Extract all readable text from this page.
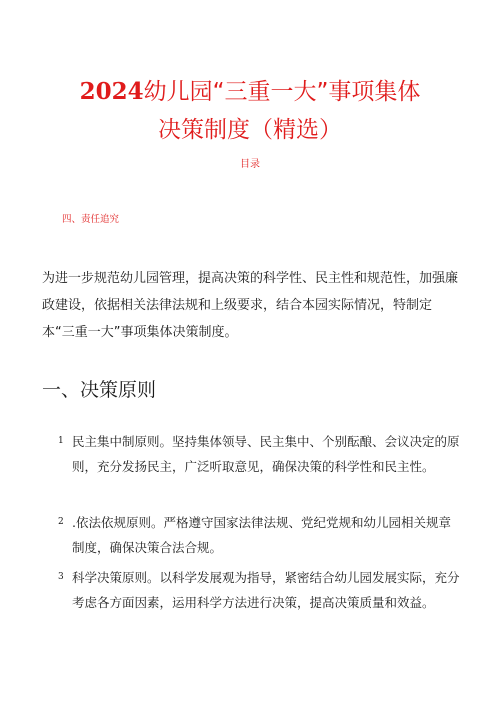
2024幼儿园“三重一大”事项集体
决策制度（精选）
目录
四、责任追究

为进一步规范幼儿园管理，提高决策的科学性、民主性和规范性，加强廉政建设，依据相关法律法规和上级要求，结合本园实际情况，特制定本“三重一大”事项集体决策制度。

一、决策原则
1 民主集中制原则。坚持集体领导、民主集中、个别酝酿、会议决定的原则，充分发扬民主，广泛听取意见，确保决策的科学性和民主性。
2 .依法依规原则。严格遵守国家法律法规、党纪党规和幼儿园相关规章制度，确保决策合法合规。
3 科学决策原则。以科学发展观为指导，紧密结合幼儿园发展实际，充分考虑各方面因素，运用科学方法进行决策，提高决策质量和效益。
